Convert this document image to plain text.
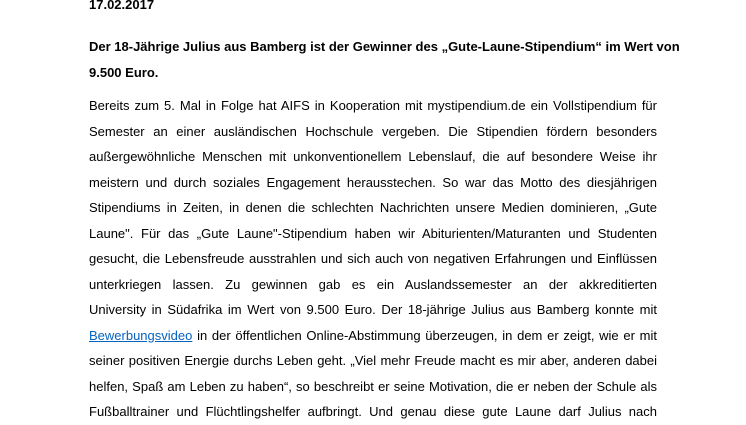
17.02.2017
Der 18-Jährige Julius aus Bamberg ist der Gewinner des „Gute-Laune-Stipendium“ im Wert von
9.500 Euro.
Bereits zum 5. Mal in Folge hat AIFS in Kooperation mit mystipendium.de ein Vollstipendium für
Semester an einer ausländischen Hochschule vergeben. Die Stipendien fördern besonders
außergewöhnliche Menschen mit unkonventionellem Lebenslauf, die auf besondere Weise ihr
meistern und durch soziales Engagement herausstechen. So war das Motto des diesjährigen
Stipendiums in Zeiten, in denen die schlechten Nachrichten unsere Medien dominieren, „Gute
Laune". Für das „Gute Laune"-Stipendium haben wir Abiturienten/Maturanten und Studenten
gesucht, die Lebensfreude ausstrahlen und sich auch von negativen Erfahrungen und Einflüssen
unterkriegen lassen. Zu gewinnen gab es ein Auslandssemester an der akkreditierten
University in Südafrika im Wert von 9.500 Euro. Der 18-jährige Julius aus Bamberg konnte mit
Bewerbungsvideo in der öffentlichen Online-Abstimmung überzeugen, in dem er zeigt, wie er mit
seiner positiven Energie durchs Leben geht. „Viel mehr Freude macht es mir aber, anderen dabei
helfen, Spaß am Leben zu haben“, so beschreibt er seine Motivation, die er neben der Schule als
Fußballtrainer und Flüchtlingshelfer aufbringt. Und genau diese gute Laune darf Julius nach
